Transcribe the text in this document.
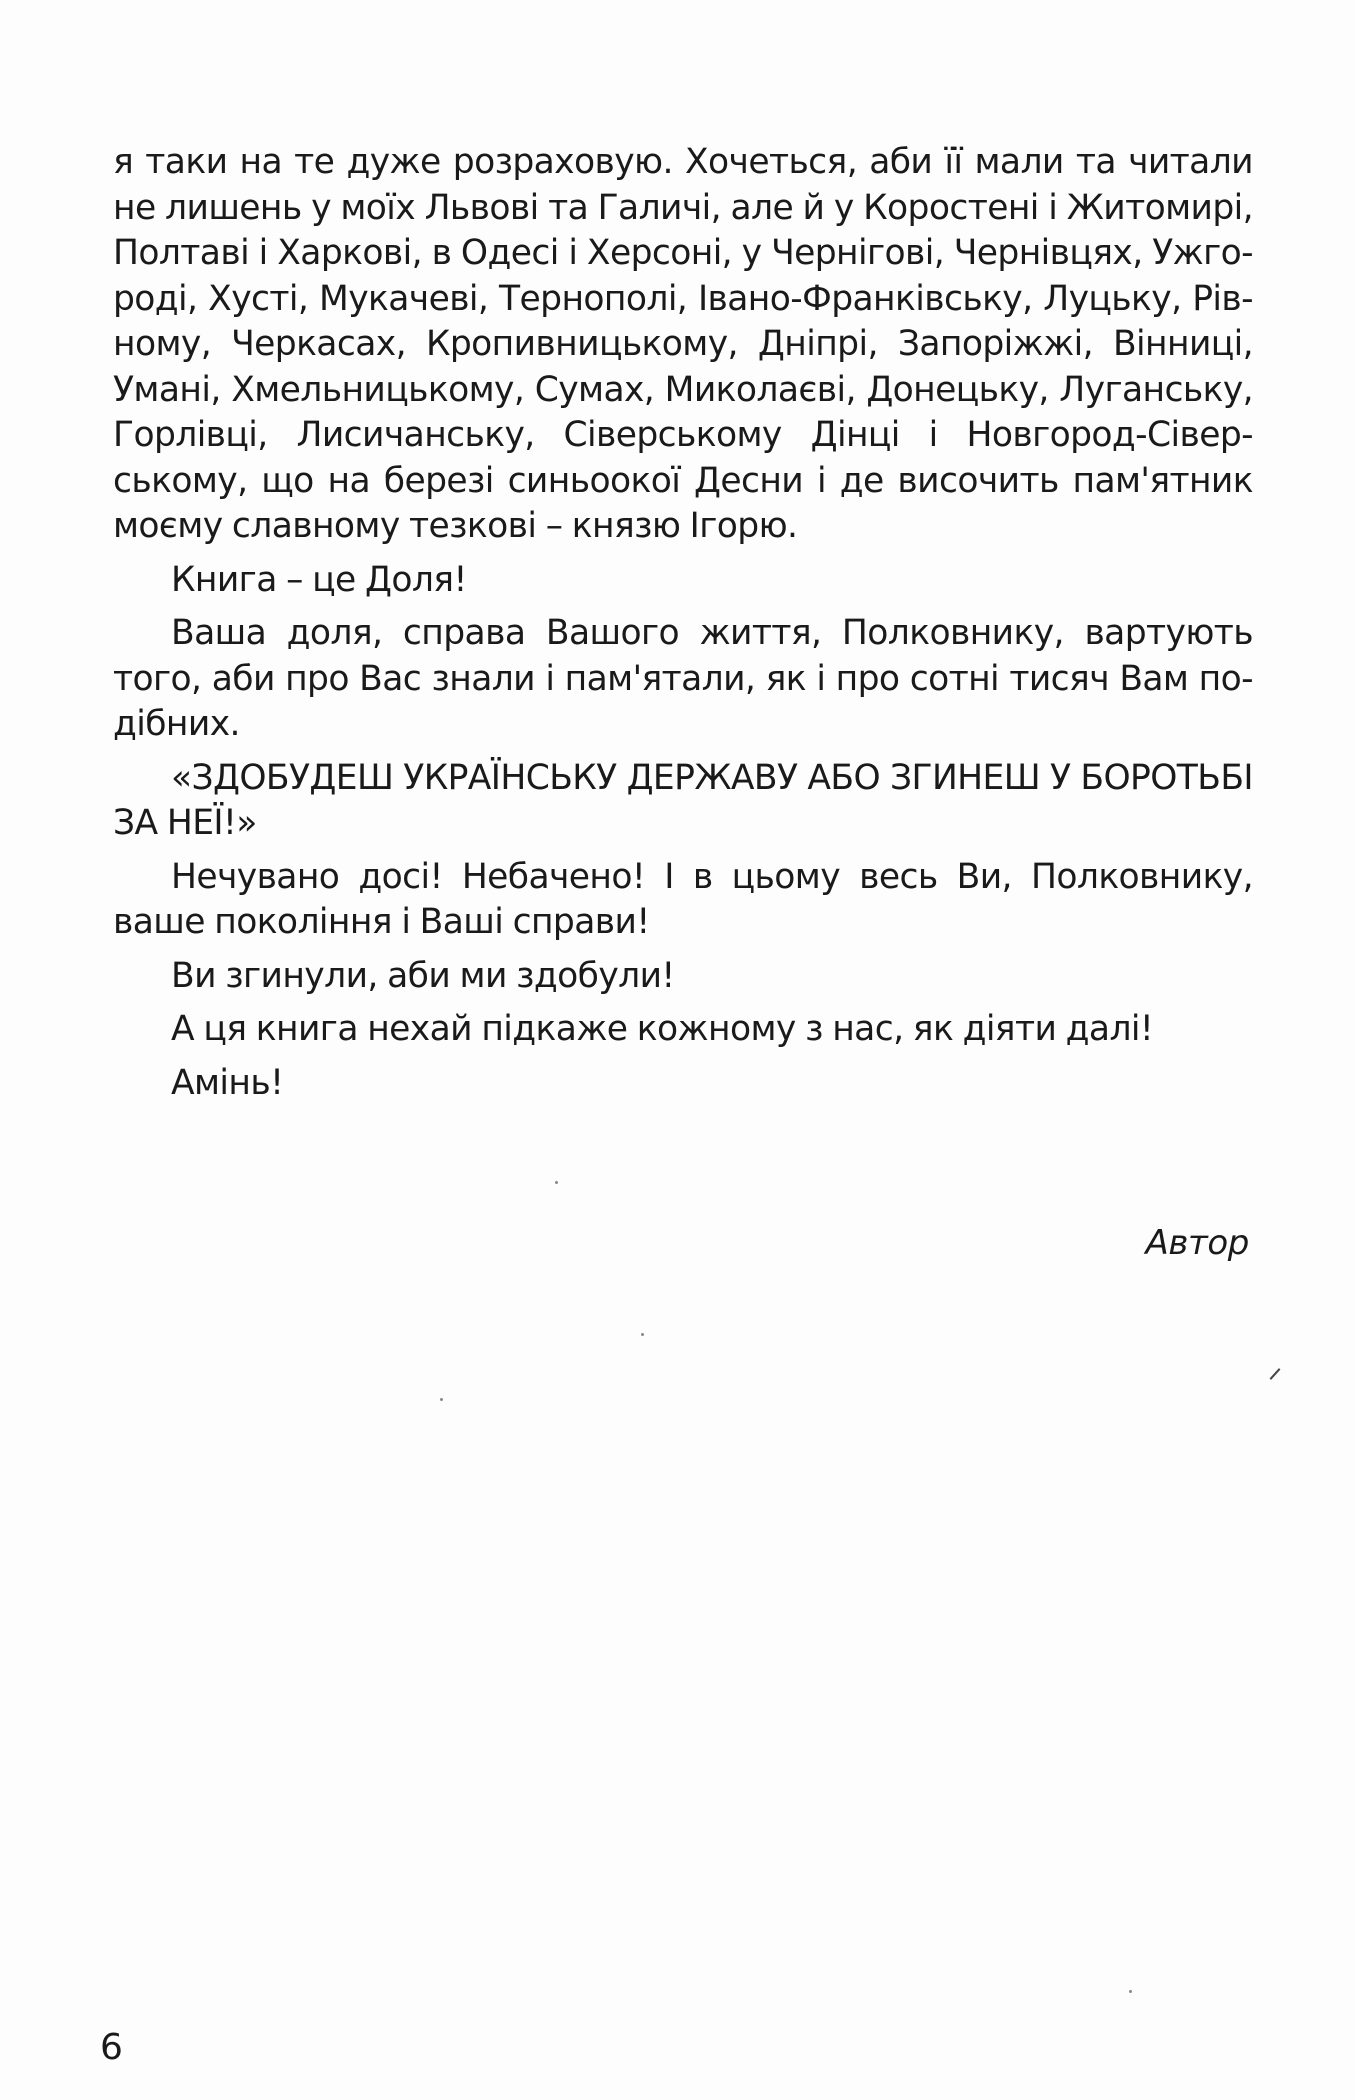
я таки на те дуже розраховую. Хочеться, аби її мали та читали
не лишень у моїх Львові та Галичі, але й у Коростені і Житомирі,
Полтаві і Харкові, в Одесі і Херсоні, у Чернігові, Чернівцях, Ужго-
роді, Хусті, Мукачеві, Тернополі, Івано-Франківську, Луцьку, Рів-
ному, Черкасах, Кропивницькому, Дніпрі, Запоріжжі, Вінниці,
Умані, Хмельницькому, Сумах, Миколаєві, Донецьку, Луганську,
Горлівці, Лисичанську, Сіверському Дінці і Новгород-Сівер-
ському, що на березі синьоокої Десни і де височить пам'ятник
моєму славному тезкові – князю Ігорю.
Книга – це Доля!
Ваша доля, справа Вашого життя, Полковнику, вартують
того, аби про Вас знали і пам'ятали, як і про сотні тисяч Вам по-
дібних.
«ЗДОБУДЕШ УКРАЇНСЬКУ ДЕРЖАВУ АБО ЗГИНЕШ У БОРОТЬБІ
ЗА НЕЇ!»
Нечувано досі! Небачено! І в цьому весь Ви, Полковнику,
ваше покоління і Ваші справи!
Ви згинули, аби ми здобули!
А ця книга нехай підкаже кожному з нас, як діяти далі!
Амінь!
Автор
6
